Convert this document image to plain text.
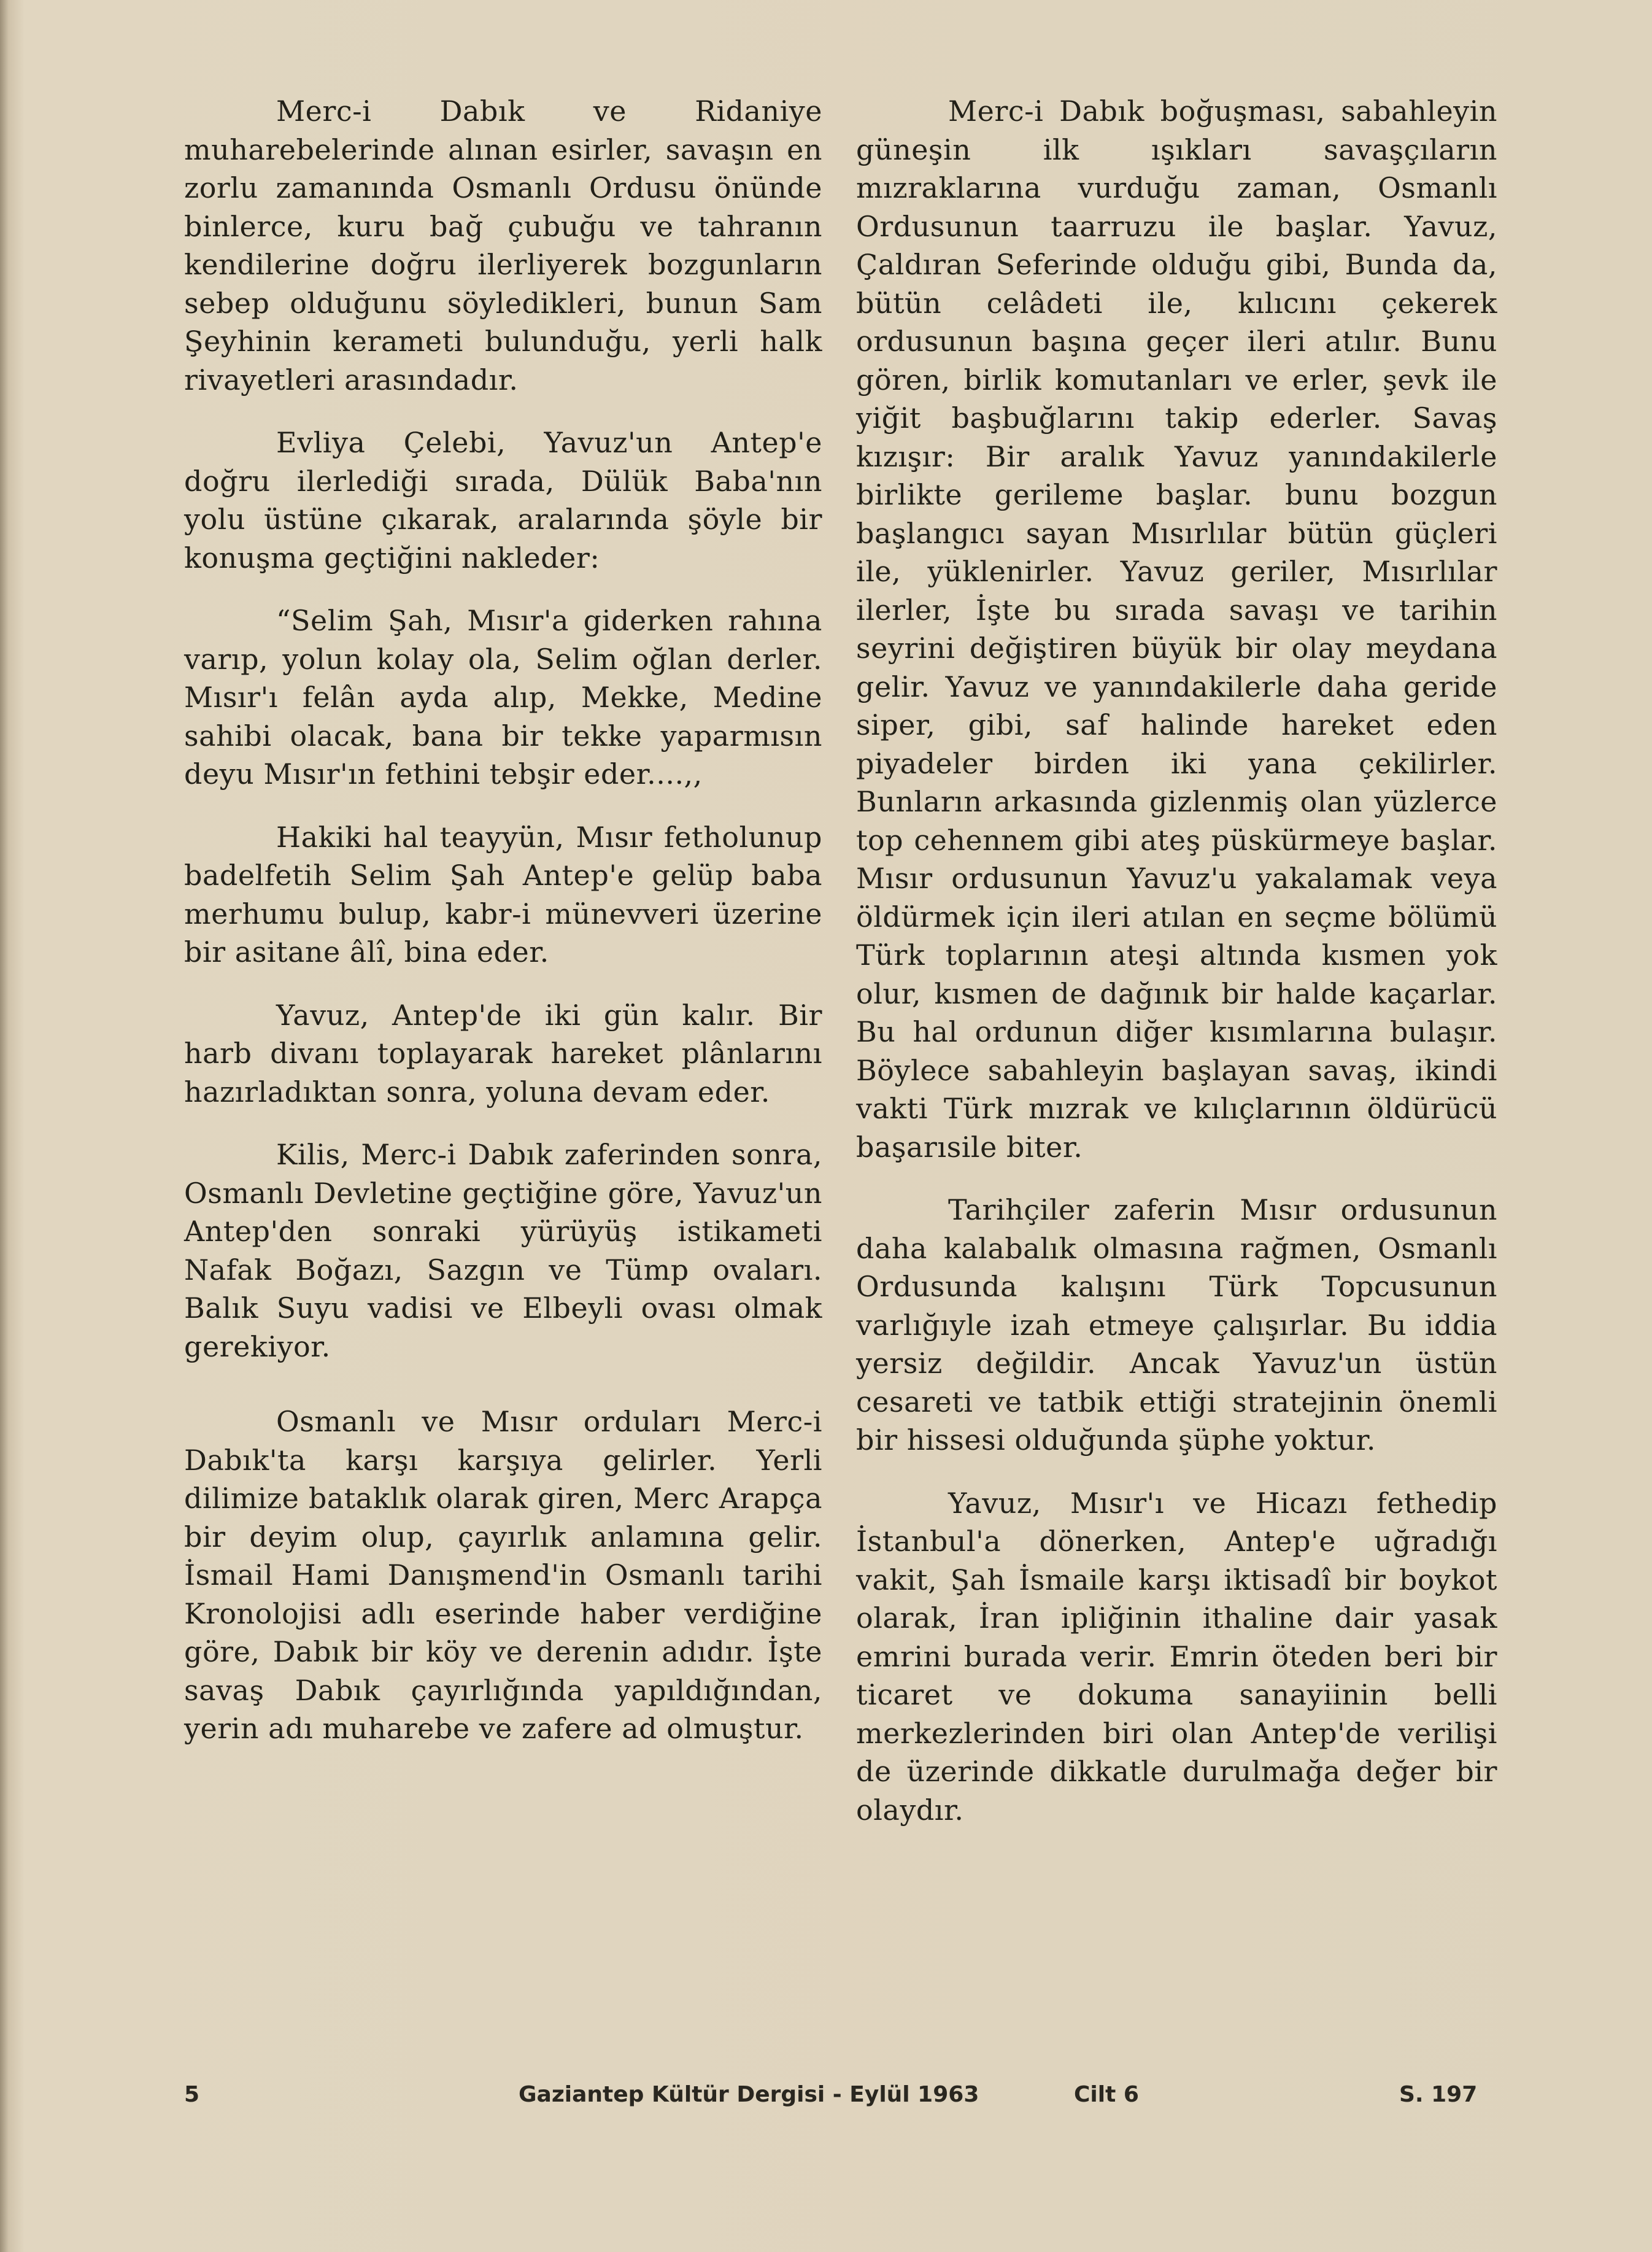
Merc-i Dabık ve Ridaniye muharebelerinde alınan esirler, savaşın en zorlu zamanında Osmanlı Ordusu önünde binlerce, kuru bağ çubuğu ve tahranın kendilerine doğru ilerliyerek bozgunların sebep olduğunu söyledikleri, bunun Sam Şeyhinin kerameti bulunduğu, yerli halk rivayetleri arasındadır.

Evliya Çelebi, Yavuz'un Antep'e doğru ilerlediği sırada, Dülük Baba'nın yolu üstüne çıkarak, aralarında şöyle bir konuşma geçtiğini nakleder:

“Selim Şah, Mısır'a giderken rahına varıp, yolun kolay ola, Selim oğlan derler. Mısır'ı felân ayda alıp, Mekke, Medine sahibi olacak, bana bir tekke yaparmısın deyu Mısır'ın fethini tebşir eder....,,

Hakiki hal teayyün, Mısır fetholunup badelfetih Selim Şah Antep'e gelüp baba merhumu bulup, kabr-i münevveri üzerine bir asitane âlî, bina eder.

Yavuz, Antep'de iki gün kalır. Bir harb divanı toplayarak hareket plânlarını hazırladıktan sonra, yoluna devam eder.

Kilis, Merc-i Dabık zaferinden sonra, Osmanlı Devletine geçtiğine göre, Yavuz'un Antep'den sonraki yürüyüş istikameti Nafak Boğazı, Sazgın ve Tümp ovaları. Balık Suyu vadisi ve Elbeyli ovası olmak gerekiyor.

Osmanlı ve Mısır orduları Merc-i Dabık'ta karşı karşıya gelirler. Yerli dilimize bataklık olarak giren, Merc Arapça bir deyim olup, çayırlık anlamına gelir. İsmail Hami Danışmend'in Osmanlı tarihi Kronolojisi adlı eserinde haber verdiğine göre, Dabık bir köy ve derenin adıdır. İşte savaş Dabık çayırlığında yapıldığından, yerin adı muharebe ve zafere ad olmuştur.

Merc-i Dabık boğuşması, sabahleyin güneşin ilk ışıkları savaşçıların mızraklarına vurduğu zaman, Osmanlı Ordusunun taarruzu ile başlar. Yavuz, Çaldıran Seferinde olduğu gibi, Bunda da, bütün celâdeti ile, kılıcını çekerek ordusunun başına geçer ileri atılır. Bunu gören, birlik komutanları ve erler, şevk ile yiğit başbuğlarını takip ederler. Savaş kızışır: Bir aralık Yavuz yanındakilerle birlikte gerileme başlar. bunu bozgun başlangıcı sayan Mısırlılar bütün güçleri ile, yüklenirler. Yavuz geriler, Mısırlılar ilerler, İşte bu sırada savaşı ve tarihin seyrini değiştiren büyük bir olay meydana gelir. Yavuz ve yanındakilerle daha geride siper, gibi, saf halinde hareket eden piyadeler birden iki yana çekilirler. Bunların arkasında gizlenmiş olan yüzlerce top cehennem gibi ateş püskürmeye başlar. Mısır ordusunun Yavuz'u yakalamak veya öldürmek için ileri atılan en seçme bölümü Türk toplarının ateşi altında kısmen yok olur, kısmen de dağınık bir halde kaçarlar. Bu hal ordunun diğer kısımlarına bulaşır. Böylece sabahleyin başlayan savaş, ikindi vakti Türk mızrak ve kılıçlarının öldürücü başarısile biter.

Tarihçiler zaferin Mısır ordusunun daha kalabalık olmasına rağmen, Osmanlı Ordusunda kalışını Türk Topcusunun varlığıyle izah etmeye çalışırlar. Bu iddia yersiz değildir. Ancak Yavuz'un üstün cesareti ve tatbik ettiği stratejinin önemli bir hissesi olduğunda şüphe yoktur.

Yavuz, Mısır'ı ve Hicazı fethedip İstanbul'a dönerken, Antep'e uğradığı vakit, Şah İsmaile karşı iktisadî bir boykot olarak, İran ipliğinin ithaline dair yasak emrini burada verir. Emrin öteden beri bir ticaret ve dokuma sanayiinin belli merkezlerinden biri olan Antep'de verilişi de üzerinde dikkatle durulmağa değer bir olaydır.

5	Gaziantep Kültür Dergisi - Eylül 1963	Cilt 6	S. 197
